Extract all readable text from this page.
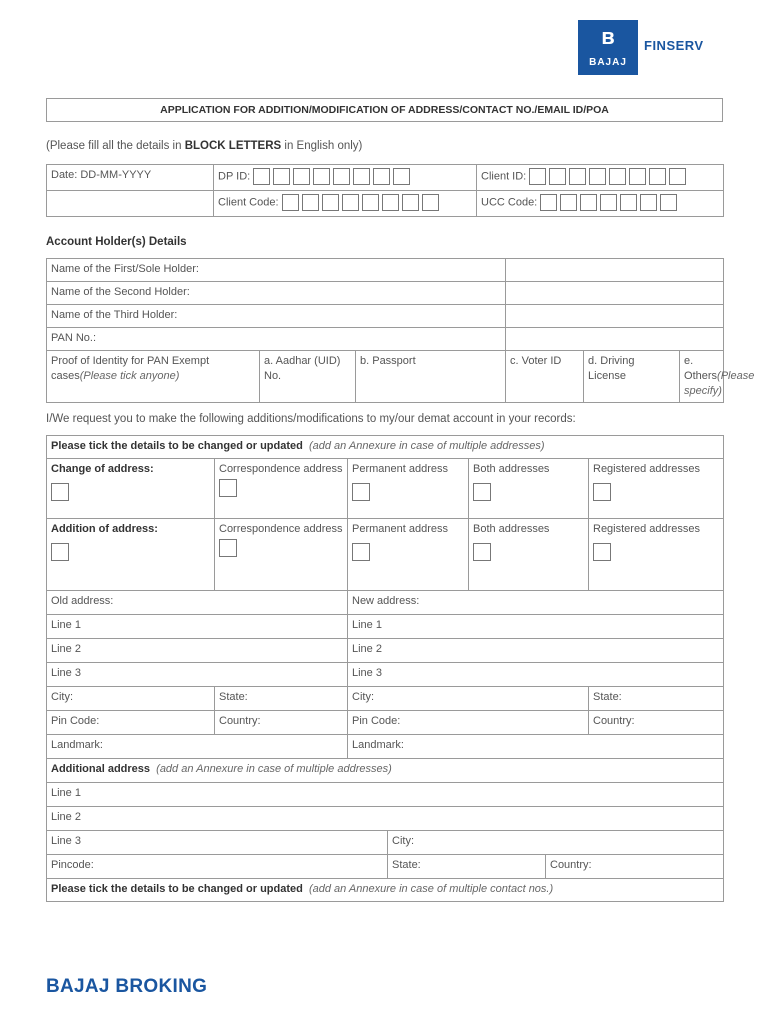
ʙ
BAJAJ
FINSERV
APPLICATION FOR ADDITION/MODIFICATION OF ADDRESS/CONTACT NO./EMAIL ID/POA
(Please fill all the details in BLOCK LETTERS in English only)
Date: DD-MM-YYYY	DP ID:	Client ID:
	Client Code:	UCC Code:
Account Holder(s) Details
Name of the First/Sole Holder:					
Name of the Second Holder:					
Name of the Third Holder:					
PAN No.:					
Proof of Identity for PAN Exempt cases(Please tick anyone)	a. Aadhar (UID) No.	b. Passport	c. Voter ID	d. Driving License	e. Others(Please specify)
I/We request you to make the following additions/modifications to my/our demat account in your records:
Please tick the details to be changed or updated (add an Annexure in case of multiple addresses)						
Change of address:	Correspondence address	Permanent address		Both addresses		Registered addresses

Addition of address:	Correspondence address	Permanent address		Both addresses		Registered addresses

Old address:		New address:				
Line 1		Line 1				
Line 2		Line 2				
Line 3		Line 3				
City:	State:	City:				State:
Pin Code:	Country:	Pin Code:				Country:
Landmark:		Landmark:				
Additional address (add an Annexure in case of multiple addresses)						
Line 1						
Line 2						
Line 3			City:			
Pincode:			State:		Country:	
Please tick the details to be changed or updated (add an Annexure in case of multiple contact nos.)						
BAJAJ BROKING
